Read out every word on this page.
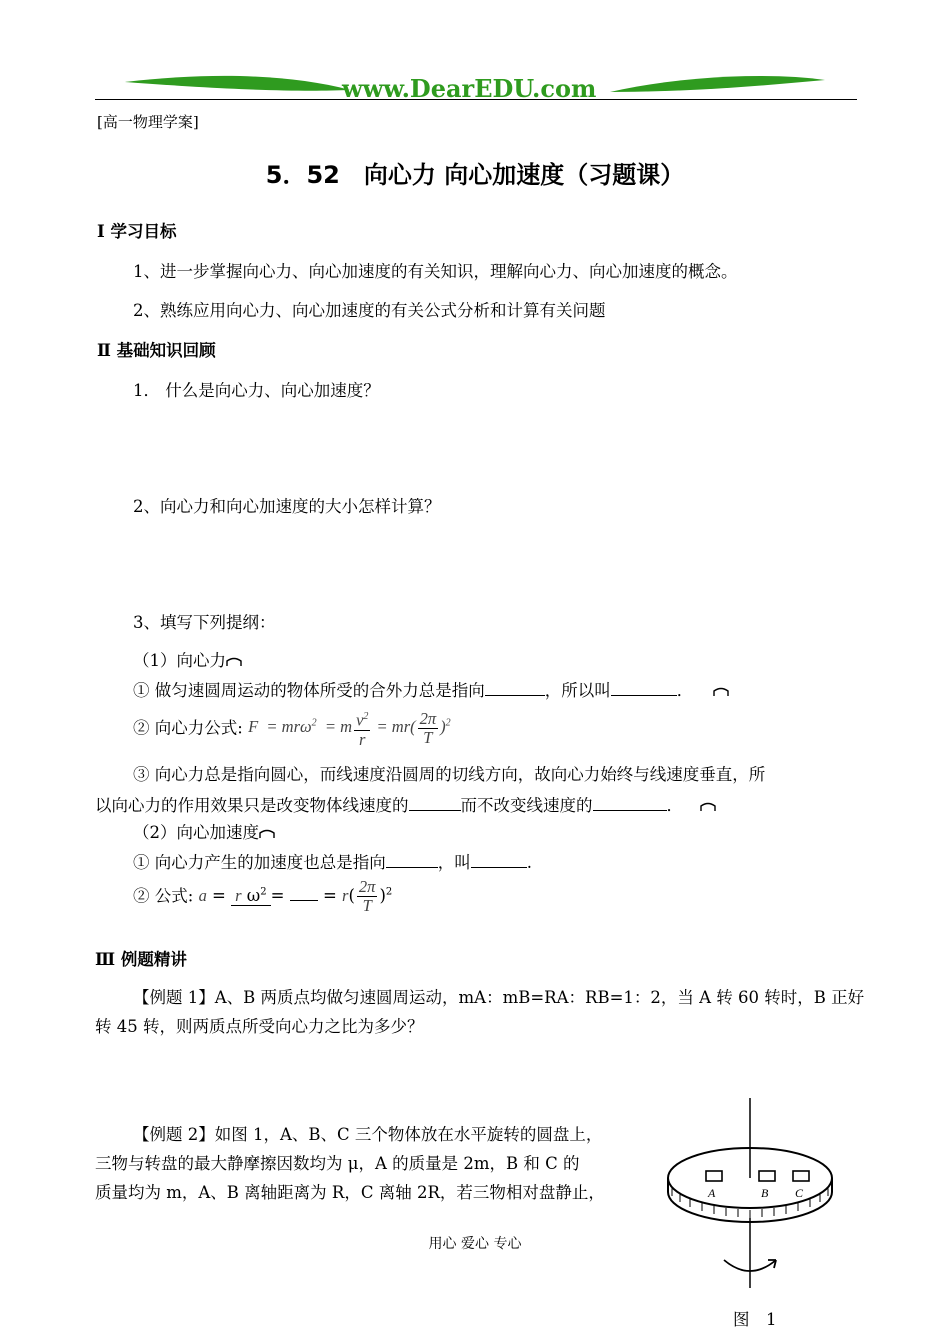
www.DearEDU.com
[高一物理学案]
5．52　向心力 向心加速度（习题课）
Ⅰ 学习目标
1、进一步掌握向心力、向心加速度的有关知识，理解向心力、向心加速度的概念。
2、熟练应用向心力、向心加速度的有关公式分析和计算有关问题
Ⅱ 基础知识回顾
1． 什么是向心力、向心加速度？
2、向心力和向心加速度的大小怎样计算？
3、填写下列提纲：
（1）向心力
① 做匀速圆周运动的物体所受的合外力总是指向	，所以叫	．
② 向心力公式: F  = mrω$^2$  = m $\frac{v^2}{r} = mr( \frac{2\pi}{T} )^2$
③ 向心力总是指向圆心，而线速度沿圆周的切线方向，故向心力始终与线速度垂直，所
以向心力的作用效果只是改变物体线速度的	而不改变线速度的	．
（2）向心加速度
① 向心力产生的加速度也总是指向	，叫	.
② 公式: a = r $\omega^2$ =  = $r( \frac{2\pi}{T} )^2$
Ⅲ 例题精讲
【例题 1】A、B 两质点均做匀速圆周运动，mA：mB=RA：RB=1：2，当 A 转 60 转时，B 正好
转 45 转，则两质点所受向心力之比为多少？
【例题 2】如图 1，A、B、C 三个物体放在水平旋转的圆盘上，
三物与转盘的最大静摩擦因数均为 μ，A 的质量是 2m，B 和 C 的
质量均为 m，A、B 离轴距离为 R，C 离轴 2R，若三物相对盘静止，	A	B C
图　1
用心 爱心 专心
